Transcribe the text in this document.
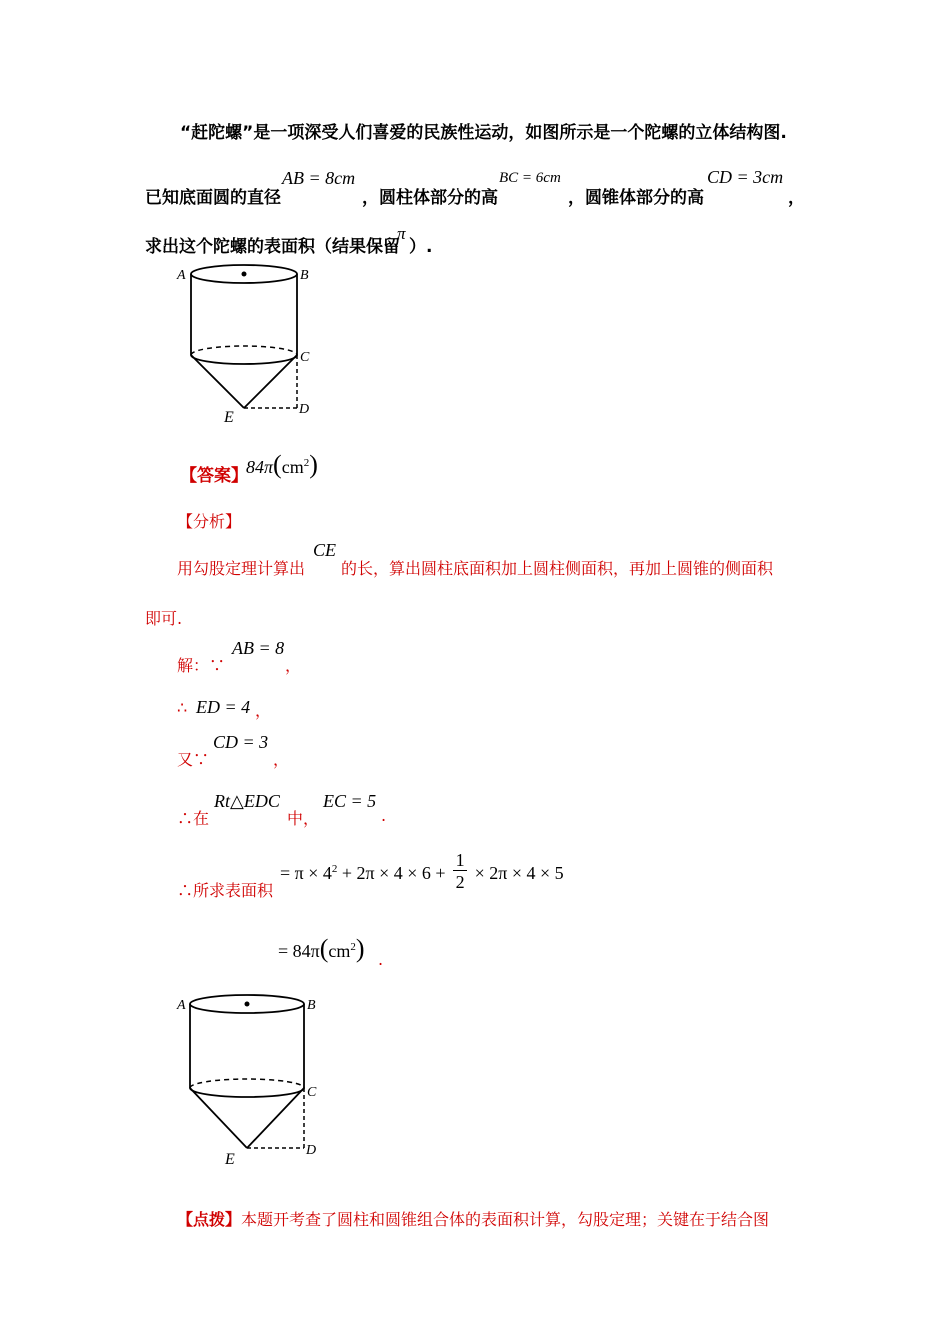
“赶陀螺”是一项深受人们喜爱的民族性运动，如图所示是一个陀螺的立体结构图.
已知底面圆的直径
AB = 8cm
，圆柱体部分的高
BC = 6cm
，圆锥体部分的高
CD = 3cm
，
求出这个陀螺的表面积（结果保留
π
）.
A	B
C
D
E
【答案】
$84\pi(cm^2)$
【分析】
用勾股定理计算出
CE
的长，算出圆柱底面积加上圆柱侧面积，再加上圆锥的侧面积
即可.
解：∵
AB = 8
，
∴ ED = 4 ，
又∵
CD = 3
，
∴在
Rt△EDC
中，
EC = 5
.
∴所求表面积
= $\pi \times 4^2 + 2\pi \times 4 \times 6 + \frac{1}{2} \times 2\pi \times 4 \times 5$
= $84\pi(cm^2)$ .
A	B
C
D
E
【点拨】本题开考查了圆柱和圆锥组合体的表面积计算，勾股定理；关键在于结合图
